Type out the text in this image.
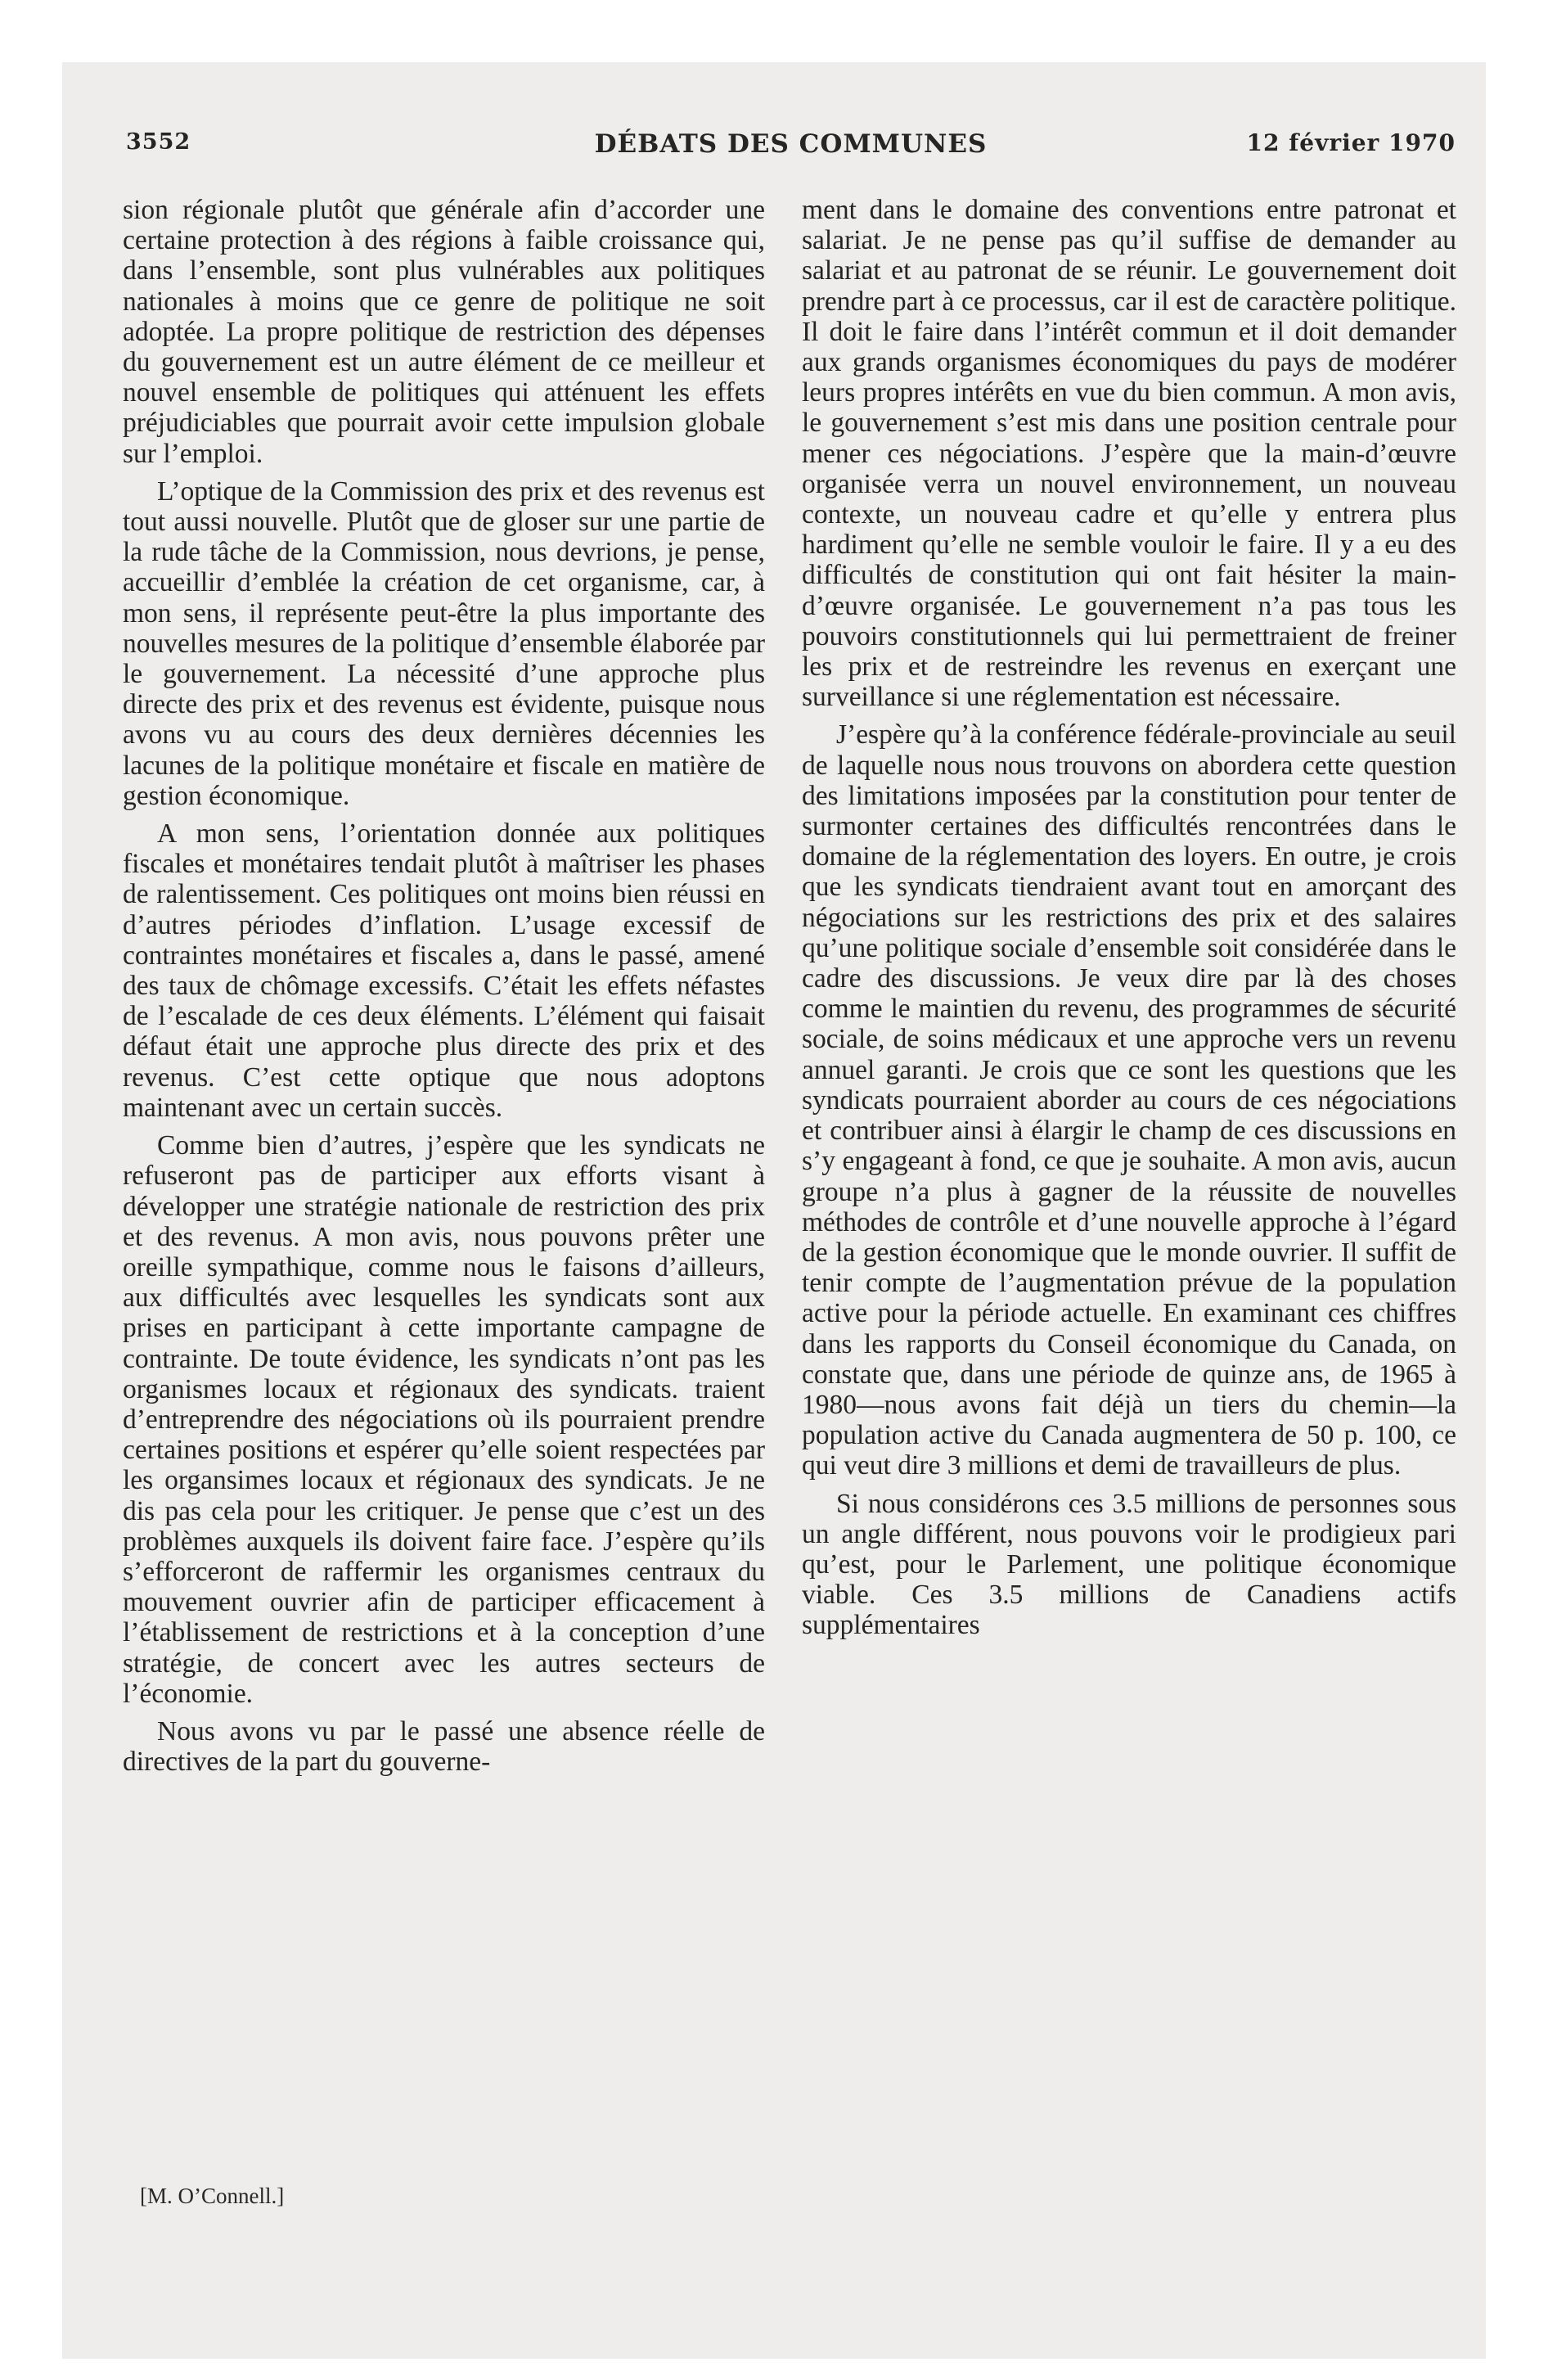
3552	DÉBATS DES COMMUNES	12 février 1970

sion régionale plutôt que générale afin d’accorder une certaine protection à des régions à faible croissance qui, dans l’ensemble, sont plus vulnérables aux politiques nationales à moins que ce genre de politique ne soit adoptée. La propre politique de restriction des dépenses du gouvernement est un autre élément de ce meilleur et nouvel ensemble de politiques qui atténuent les effets préjudiciables que pourrait avoir cette impulsion globale sur l’emploi.

L’optique de la Commission des prix et des revenus est tout aussi nouvelle. Plutôt que de gloser sur une partie de la rude tâche de la Commission, nous devrions, je pense, accueillir d’emblée la création de cet organisme, car, à mon sens, il représente peut-être la plus importante des nouvelles mesures de la politique d’ensemble élaborée par le gouvernement. La nécessité d’une approche plus directe des prix et des revenus est évidente, puisque nous avons vu au cours des deux dernières décennies les lacunes de la politique monétaire et fiscale en matière de gestion économique.

A mon sens, l’orientation donnée aux politiques fiscales et monétaires tendait plutôt à maîtriser les phases de ralentissement. Ces politiques ont moins bien réussi en d’autres périodes d’inflation. L’usage excessif de contraintes monétaires et fiscales a, dans le passé, amené des taux de chômage excessifs. C’était les effets néfastes de l’escalade de ces deux éléments. L’élément qui faisait défaut était une approche plus directe des prix et des revenus. C’est cette optique que nous adoptons maintenant avec un certain succès.

Comme bien d’autres, j’espère que les syndicats ne refuseront pas de participer aux efforts visant à développer une stratégie nationale de restriction des prix et des revenus. A mon avis, nous pouvons prêter une oreille sympathique, comme nous le faisons d’ailleurs, aux difficultés avec lesquelles les syndicats sont aux prises en participant à cette importante campagne de contrainte. De toute évidence, les syndicats n’ont pas les organismes locaux et régionaux des syndicats. traient d’entreprendre des négociations où ils pourraient prendre certaines positions et espérer qu’elle soient respectées par les organsimes locaux et régionaux des syndicats. Je ne dis pas cela pour les critiquer. Je pense que c’est un des problèmes auxquels ils doivent faire face. J’espère qu’ils s’efforceront de raffermir les organismes centraux du mouvement ouvrier afin de participer efficacement à l’établissement de restrictions et à la conception d’une stratégie, de concert avec les autres secteurs de l’économie.

Nous avons vu par le passé une absence réelle de directives de la part du gouverne-

ment dans le domaine des conventions entre patronat et salariat. Je ne pense pas qu’il suffise de demander au salariat et au patronat de se réunir. Le gouvernement doit prendre part à ce processus, car il est de caractère politique. Il doit le faire dans l’intérêt commun et il doit demander aux grands organismes économiques du pays de modérer leurs propres intérêts en vue du bien commun. A mon avis, le gouvernement s’est mis dans une position centrale pour mener ces négociations. J’espère que la main-d’œuvre organisée verra un nouvel environnement, un nouveau contexte, un nouveau cadre et qu’elle y entrera plus hardiment qu’elle ne semble vouloir le faire. Il y a eu des difficultés de constitution qui ont fait hésiter la main-d’œuvre organisée. Le gouvernement n’a pas tous les pouvoirs constitutionnels qui lui permettraient de freiner les prix et de restreindre les revenus en exerçant une surveillance si une réglementation est nécessaire.

J’espère qu’à la conférence fédérale-provinciale au seuil de laquelle nous nous trouvons on abordera cette question des limitations imposées par la constitution pour tenter de surmonter certaines des difficultés rencontrées dans le domaine de la réglementation des loyers. En outre, je crois que les syndicats tiendraient avant tout en amorçant des négociations sur les restrictions des prix et des salaires qu’une politique sociale d’ensemble soit considérée dans le cadre des discussions. Je veux dire par là des choses comme le maintien du revenu, des programmes de sécurité sociale, de soins médicaux et une approche vers un revenu annuel garanti. Je crois que ce sont les questions que les syndicats pourraient aborder au cours de ces négociations et contribuer ainsi à élargir le champ de ces discussions en s’y engageant à fond, ce que je souhaite. A mon avis, aucun groupe n’a plus à gagner de la réussite de nouvelles méthodes de contrôle et d’une nouvelle approche à l’égard de la gestion économique que le monde ouvrier. Il suffit de tenir compte de l’augmentation prévue de la population active pour la période actuelle. En examinant ces chiffres dans les rapports du Conseil économique du Canada, on constate que, dans une période de quinze ans, de 1965 à 1980—nous avons fait déjà un tiers du chemin—la population active du Canada augmentera de 50 p. 100, ce qui veut dire 3 millions et demi de travailleurs de plus.

Si nous considérons ces 3.5 millions de personnes sous un angle différent, nous pouvons voir le prodigieux pari qu’est, pour le Parlement, une politique économique viable. Ces 3.5 millions de Canadiens actifs supplémentaires

[M. O’Connell.]
